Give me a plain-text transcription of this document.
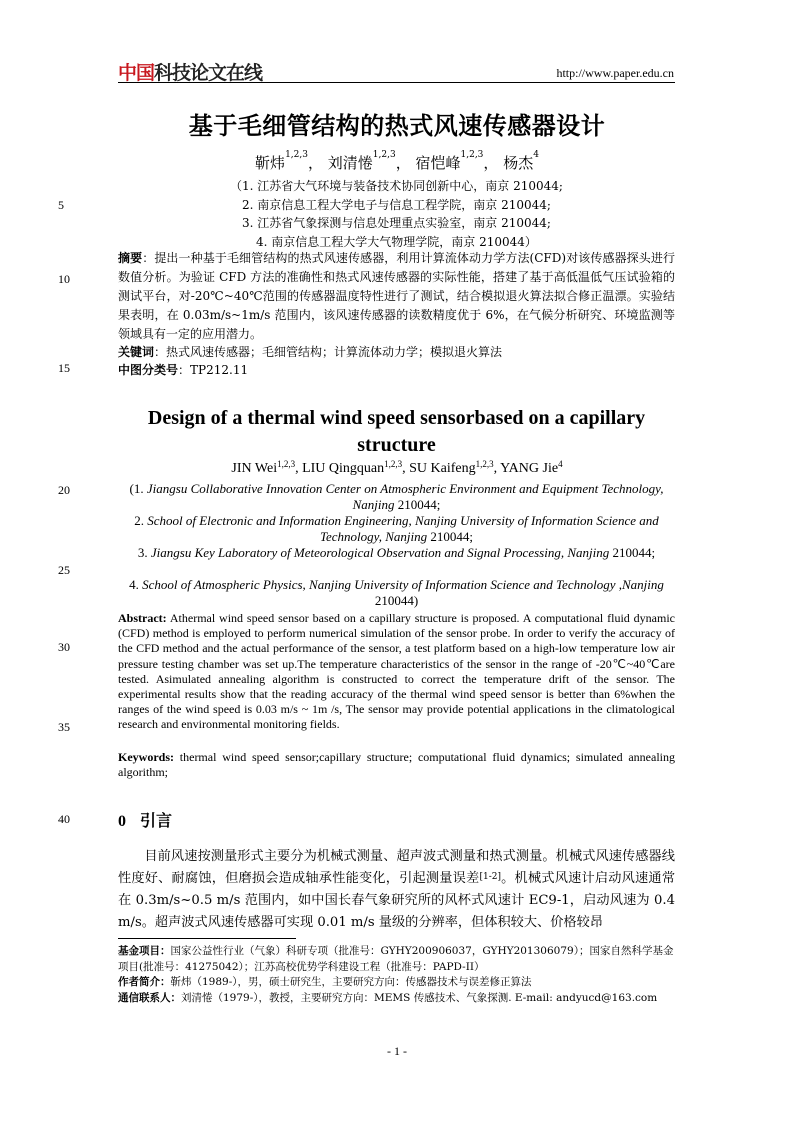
中国科技论文在线	http://www.paper.edu.cn
基于毛细管结构的热式风速传感器设计
靳炜$^{1,2,3}$， 刘清惓$^{1,2,3}$， 宿恺峰$^{1,2,3}$， 杨杰$^4$
（1. 江苏省大气环境与装备技术协同创新中心，南京 210044;
2. 南京信息工程大学电子与信息工程学院，南京 210044;
3. 江苏省气象探测与信息处理重点实验室，南京 210044;
4. 南京信息工程大学大气物理学院，南京 210044）
摘要：提出一种基于毛细管结构的热式风速传感器，利用计算流体动力学方法(CFD)对该传感器探头进行数值分析。为验证 CFD 方法的准确性和热式风速传感器的实际性能，搭建了基于高低温低气压试验箱的测试平台，对-20℃~40℃范围的传感器温度特性进行了测试，结合模拟退火算法拟合修正温漂。实验结果表明，在 0.03m/s~1m/s 范围内，该风速传感器的读数精度优于 6%，在气候分析研究、环境监测等领域具有一定的应用潜力。
关键词：热式风速传感器；毛细管结构；计算流体动力学；模拟退火算法
中图分类号：TP212.11
Design of a thermal wind speed sensorbased on a capillary structure
JIN Wei$^{1,2,3}$, LIU Qingquan$^{1,2,3}$, SU Kaifeng$^{1,2,3}$, YANG Jie$^4$
(1. Jiangsu Collaborative Innovation Center on Atmospheric Environment and Equipment Technology, Nanjing 210044;
2. School of Electronic and Information Engineering, Nanjing University of Information Science and Technology, Nanjing 210044;
3. Jiangsu Key Laboratory of Meteorological Observation and Signal Processing, Nanjing 210044;
4. School of Atmospheric Physics, Nanjing University of Information Science and Technology ,Nanjing 210044)
Abstract: Athermal wind speed sensor based on a capillary structure is proposed. A computational fluid dynamic (CFD) method is employed to perform numerical simulation of the sensor probe. In order to verify the accuracy of the CFD method and the actual performance of the sensor, a test platform based on a high-low temperature low air pressure testing chamber was set up.The temperature characteristics of the sensor in the range of -20℃~40℃are tested. Asimulated annealing algorithm is constructed to correct the temperature drift of the sensor. The experimental results show that the reading accuracy of the thermal wind speed sensor is better than 6%when the ranges of the wind speed is 0.03 m/s ~ 1m /s, The sensor may provide potential applications in the climatological research and environmental monitoring fields.
Keywords: thermal wind speed sensor;capillary structure; computational fluid dynamics; simulated annealing algorithm;
0 引言
目前风速按测量形式主要分为机械式测量、超声波式测量和热式测量。机械式风速传感器线性度好、耐腐蚀，但磨损会造成轴承性能变化，引起测量误差[1-2]。机械式风速计启动风速通常在 0.3m/s~0.5 m/s 范围内，如中国长春气象研究所的风杯式风速计 EC9-1，启动风速为 0.4 m/s。超声波式风速传感器可实现 0.01 m/s 量级的分辨率，但体积较大、价格较昂
基金项目：国家公益性行业（气象）科研专项（批准号：GYHY200906037，GYHY201306079）；国家自然科学基金项目(批准号：41275042）；江苏高校优势学科建设工程（批准号：PAPD-II）
作者简介：靳炜（1989-），男，硕士研究生，主要研究方向：传感器技术与误差修正算法
通信联系人：刘清惓（1979-），教授，主要研究方向：MEMS 传感技术、气象探测. E-mail: andyucd@163.com
5
10
15
20
25
30
35
40
- 1 -
